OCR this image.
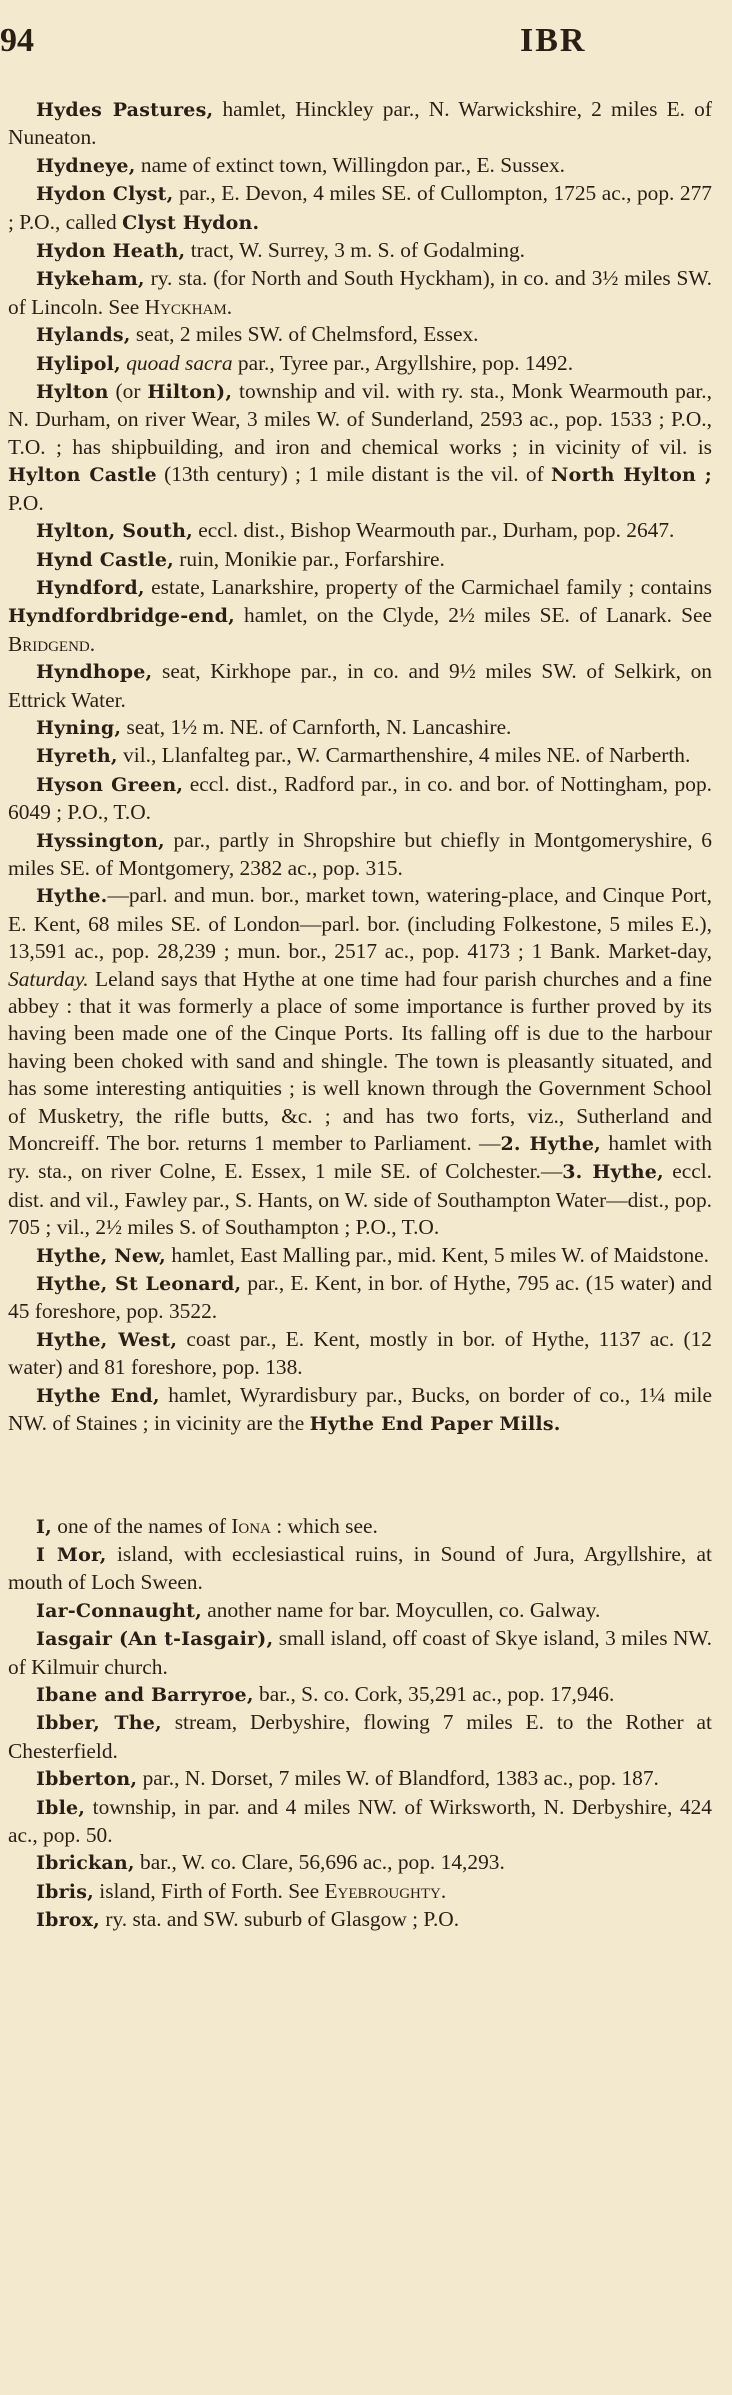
94	IBR

Hydes Pastures, hamlet, Hinckley par., N. Warwickshire, 2 miles E. of Nuneaton.

Hydneye, name of extinct town, Willingdon par., E. Sussex.

Hydon Clyst, par., E. Devon, 4 miles SE. of Cullompton, 1725 ac., pop. 277 ; P.O., called Clyst Hydon.

Hydon Heath, tract, W. Surrey, 3 m. S. of Godalming.

Hykeham, ry. sta. (for North and South Hyckham), in co. and 3½ miles SW. of Lincoln. See Hyckham.

Hylands, seat, 2 miles SW. of Chelmsford, Essex.

Hylipol, quoad sacra par., Tyree par., Argyllshire, pop. 1492.

Hylton (or Hilton), township and vil. with ry. sta., Monk Wearmouth par., N. Durham, on river Wear, 3 miles W. of Sunderland, 2593 ac., pop. 1533 ; P.O., T.O. ; has shipbuilding, and iron and chemical works ; in vicinity of vil. is Hylton Castle (13th century) ; 1 mile distant is the vil. of North Hylton ; P.O.

Hylton, South, eccl. dist., Bishop Wearmouth par., Durham, pop. 2647.

Hynd Castle, ruin, Monikie par., Forfarshire.

Hyndford, estate, Lanarkshire, property of the Carmichael family ; contains Hyndfordbridge-end, hamlet, on the Clyde, 2½ miles SE. of Lanark. See Bridgend.

Hyndhope, seat, Kirkhope par., in co. and 9½ miles SW. of Selkirk, on Ettrick Water.

Hyning, seat, 1½ m. NE. of Carnforth, N. Lancashire.

Hyreth, vil., Llanfalteg par., W. Carmarthenshire, 4 miles NE. of Narberth.

Hyson Green, eccl. dist., Radford par., in co. and bor. of Nottingham, pop. 6049 ; P.O., T.O.

Hyssington, par., partly in Shropshire but chiefly in Montgomeryshire, 6 miles SE. of Montgomery, 2382 ac., pop. 315.

Hythe.—parl. and mun. bor., market town, watering-place, and Cinque Port, E. Kent, 68 miles SE. of London—parl. bor. (including Folkestone, 5 miles E.), 13,591 ac., pop. 28,239 ; mun. bor., 2517 ac., pop. 4173 ; 1 Bank. Market-day, Saturday. Leland says that Hythe at one time had four parish churches and a fine abbey : that it was formerly a place of some importance is further proved by its having been made one of the Cinque Ports. Its falling off is due to the harbour having been choked with sand and shingle. The town is pleasantly situated, and has some interesting antiquities ; is well known through the Government School of Musketry, the rifle butts, &c. ; and has two forts, viz., Sutherland and Moncreiff. The bor. returns 1 member to Parliament. —2. Hythe, hamlet with ry. sta., on river Colne, E. Essex, 1 mile SE. of Colchester.—3. Hythe, eccl. dist. and vil., Fawley par., S. Hants, on W. side of Southampton Water—dist., pop. 705 ; vil., 2½ miles S. of Southampton ; P.O., T.O.

Hythe, New, hamlet, East Malling par., mid. Kent, 5 miles W. of Maidstone.

Hythe, St Leonard, par., E. Kent, in bor. of Hythe, 795 ac. (15 water) and 45 foreshore, pop. 3522.

Hythe, West, coast par., E. Kent, mostly in bor. of Hythe, 1137 ac. (12 water) and 81 foreshore, pop. 138.

Hythe End, hamlet, Wyrardisbury par., Bucks, on border of co., 1¼ mile NW. of Staines ; in vicinity are the Hythe End Paper Mills.

I, one of the names of Iona : which see.

I Mor, island, with ecclesiastical ruins, in Sound of Jura, Argyllshire, at mouth of Loch Sween.

Iar-Connaught, another name for bar. Moycullen, co. Galway.

Iasgair (An t-Iasgair), small island, off coast of Skye island, 3 miles NW. of Kilmuir church.

Ibane and Barryroe, bar., S. co. Cork, 35,291 ac., pop. 17,946.

Ibber, The, stream, Derbyshire, flowing 7 miles E. to the Rother at Chesterfield.

Ibberton, par., N. Dorset, 7 miles W. of Blandford, 1383 ac., pop. 187.

Ible, township, in par. and 4 miles NW. of Wirksworth, N. Derbyshire, 424 ac., pop. 50.

Ibrickan, bar., W. co. Clare, 56,696 ac., pop. 14,293.

Ibris, island, Firth of Forth. See Eyebroughty.

Ibrox, ry. sta. and SW. suburb of Glasgow ; P.O.
